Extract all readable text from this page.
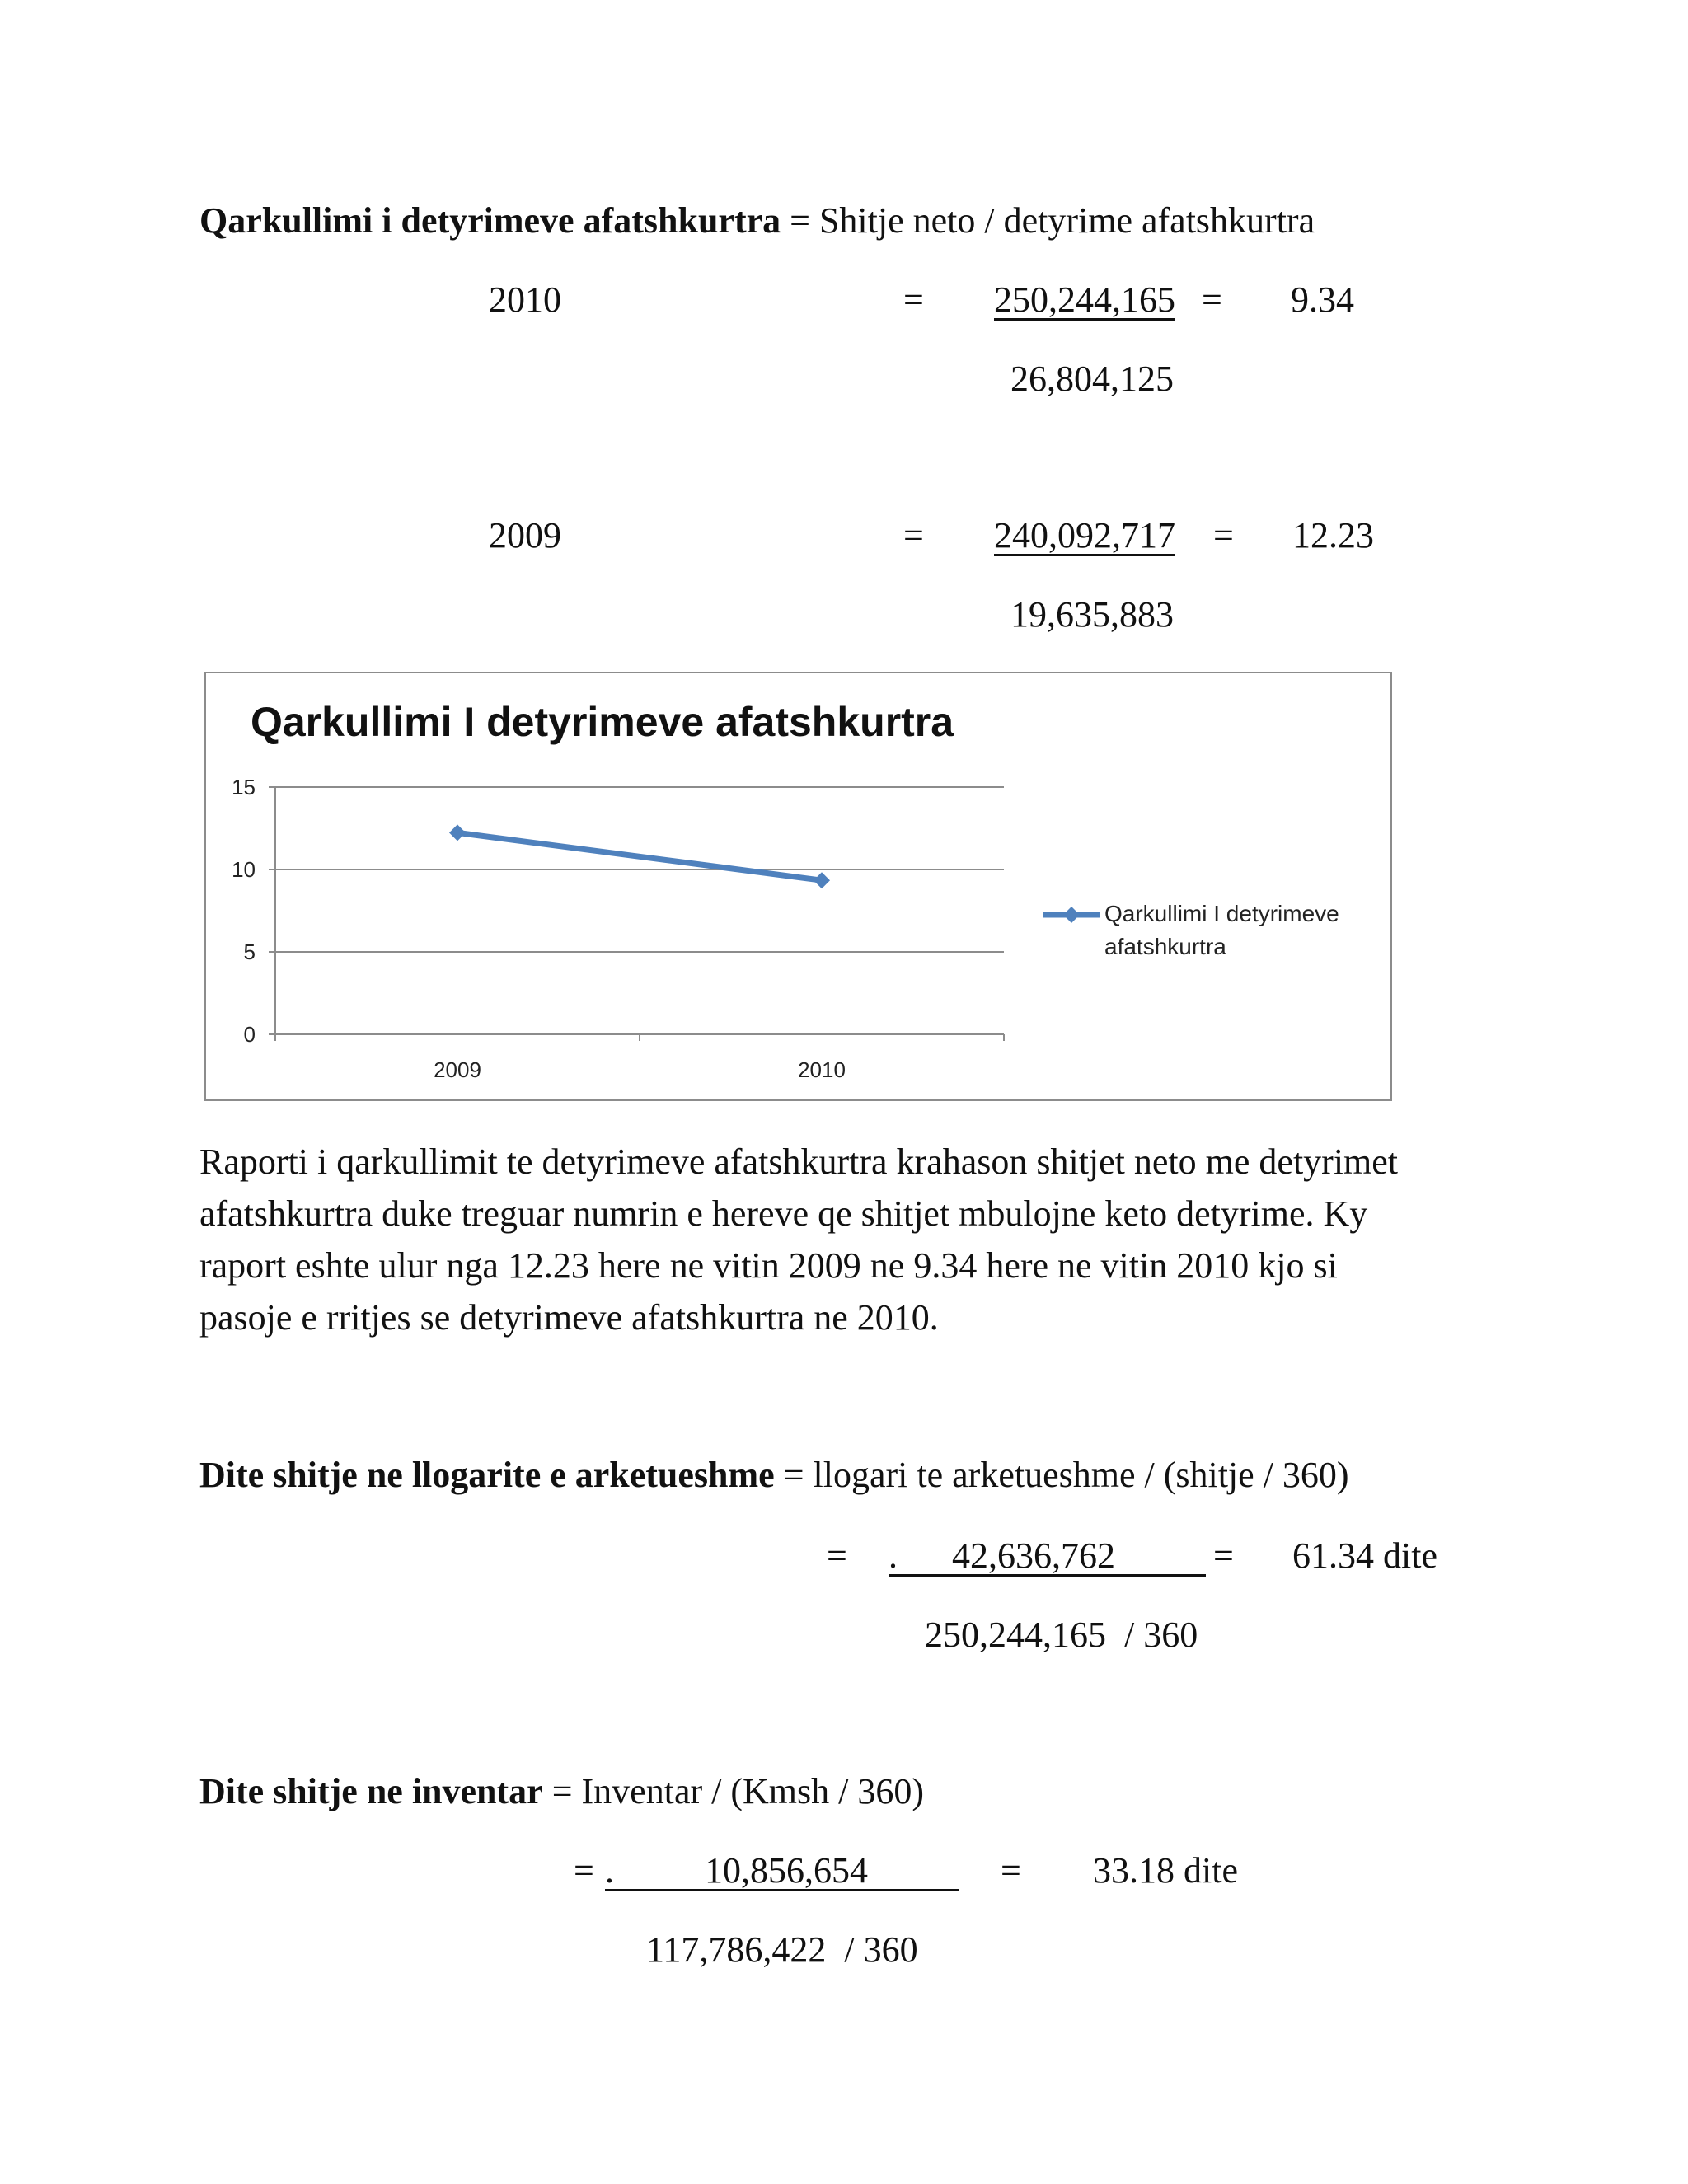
Qarkullimi i detyrimeve afatshkurtra = Shitje neto / detyrime afatshkurtra
2010	= 250,244,165 = 9.34
26,804,125
2009	= 240,092,717 = 12.23
19,635,883
0
5
10
15
2009	2010
Qarkullimi I detyrimeve afatshkurtra
Qarkullimi I detyrimeve afatshkurtra
Raporti i qarkullimit te detyrimeve afatshkurtra krahason shitjet neto me detyrimet
afatshkurtra duke treguar numrin e hereve qe shitjet mbulojne keto detyrime. Ky
raport eshte ulur nga 12.23 here ne vitin 2009 ne 9.34 here ne vitin 2010 kjo si
pasoje e rritjes se detyrimeve afatshkurtra ne 2010.
Dite shitje ne llogarite e arketueshme = llogari te arketueshme / (shitje / 360)
= .      42,636,762 = 61.34 dite
250,244,165  / 360
Dite shitje ne inventar = Inventar / (Kmsh / 360)
= .          10,856,654 = 33.18 dite
117,786,422  / 360
